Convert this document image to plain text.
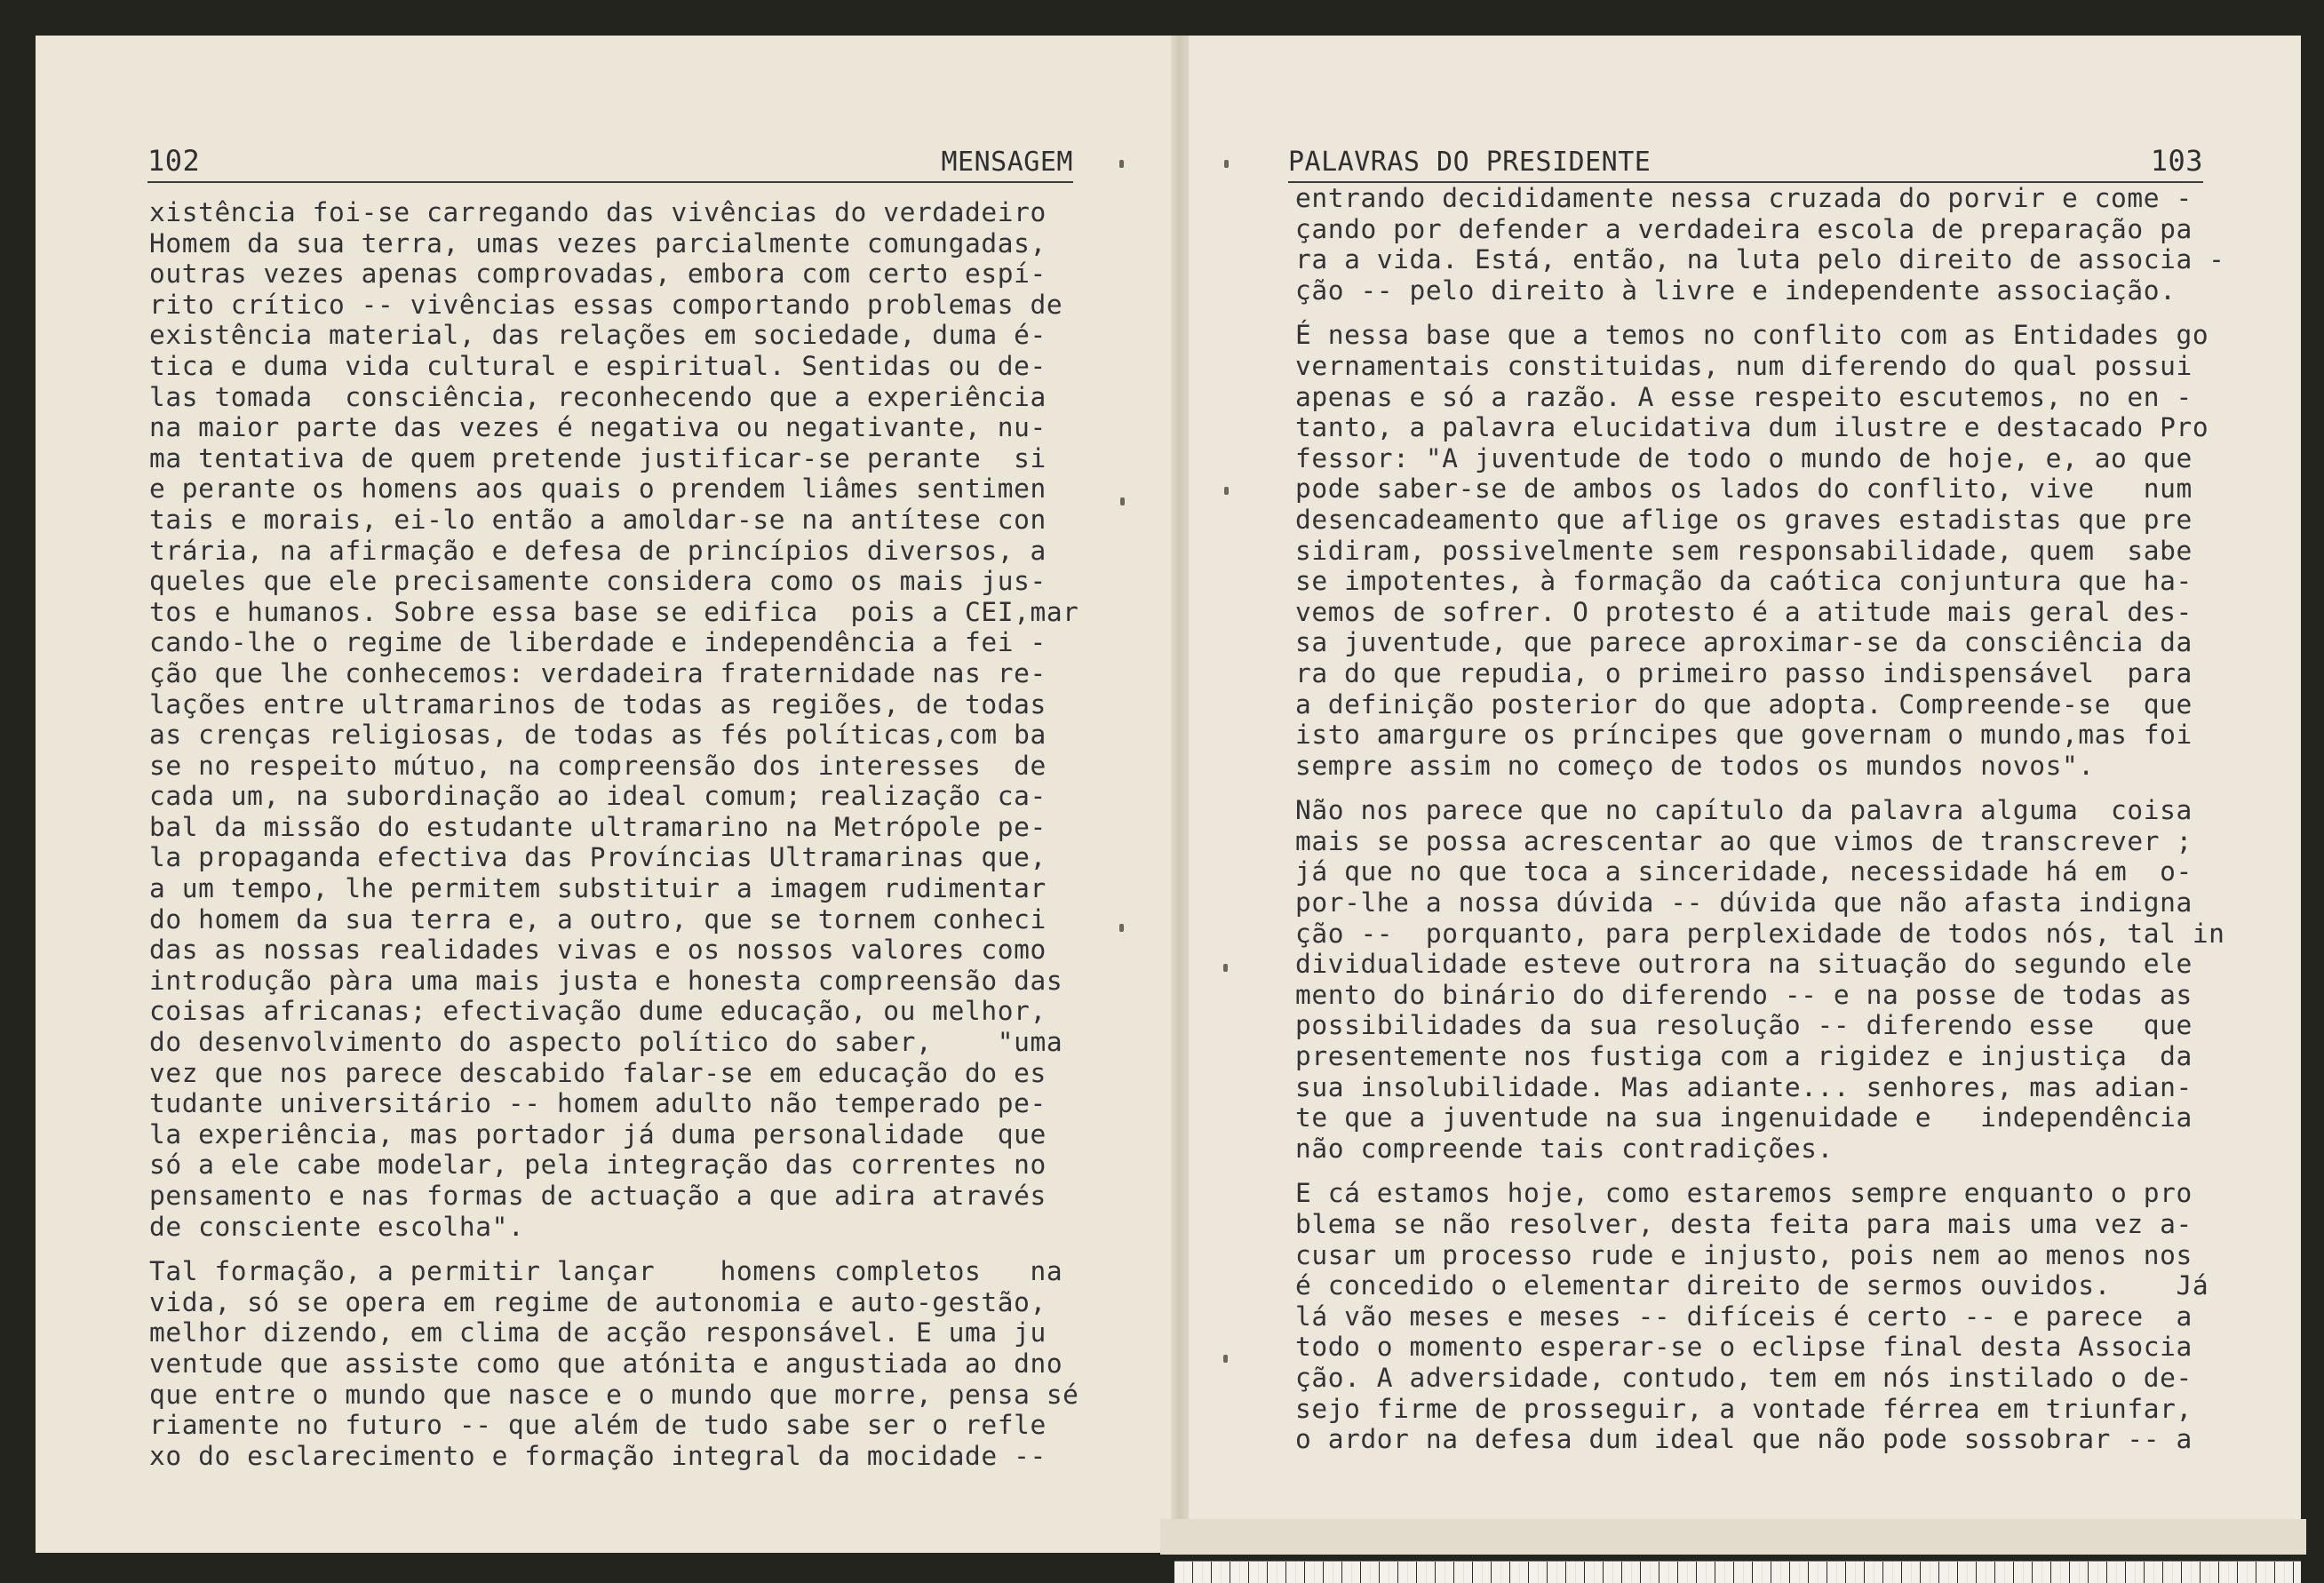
102	MENSAGEM

xistência foi-se carregando das vivências do verdadeiro
Homem da sua terra, umas vezes parcialmente comungadas,
outras vezes apenas comprovadas, embora com certo espí-
rito crítico -- vivências essas comportando problemas de
existência material, das relações em sociedade, duma é-
tica e duma vida cultural e espiritual. Sentidas ou de-
las tomada  consciência, reconhecendo que a experiência
na maior parte das vezes é negativa ou negativante, nu-
ma tentativa de quem pretende justificar-se perante  si
e perante os homens aos quais o prendem liâmes sentimen
tais e morais, ei-lo então a amoldar-se na antítese con
trária, na afirmação e defesa de princípios diversos, a
queles que ele precisamente considera como os mais jus-
tos e humanos. Sobre essa base se edifica  pois a CEI,mar
cando-lhe o regime de liberdade e independência a fei -
ção que lhe conhecemos: verdadeira fraternidade nas re-
lações entre ultramarinos de todas as regiões, de todas
as crenças religiosas, de todas as fés políticas,com ba
se no respeito mútuo, na compreensão dos interesses  de
cada um, na subordinação ao ideal comum; realização ca-
bal da missão do estudante ultramarino na Metrópole pe-
la propaganda efectiva das Províncias Ultramarinas que,
a um tempo, lhe permitem substituir a imagem rudimentar
do homem da sua terra e, a outro, que se tornem conheci
das as nossas realidades vivas e os nossos valores como
introdução pàra uma mais justa e honesta compreensão das
coisas africanas; efectivação dume educação, ou melhor,
do desenvolvimento do aspecto político do saber,    "uma
vez que nos parece descabido falar-se em educação do es
tudante universitário -- homem adulto não temperado pe-
la experiência, mas portador já duma personalidade  que
só a ele cabe modelar, pela integração das correntes no
pensamento e nas formas de actuação a que adira através
de consciente escolha".

Tal formação, a permitir lançar    homens completos   na
vida, só se opera em regime de autonomia e auto-gestão,
melhor dizendo, em clima de acção responsável. E uma ju
ventude que assiste como que atónita e angustiada ao dno
que entre o mundo que nasce e o mundo que morre, pensa sé
riamente no futuro -- que além de tudo sabe ser o refle
xo do esclarecimento e formação integral da mocidade --

PALAVRAS DO PRESIDENTE	103

entrando decididamente nessa cruzada do porvir e come -
çando por defender a verdadeira escola de preparação pa
ra a vida. Está, então, na luta pelo direito de associa -
ção -- pelo direito à livre e independente associação.

É nessa base que a temos no conflito com as Entidades go
vernamentais constituidas, num diferendo do qual possui
apenas e só a razão. A esse respeito escutemos, no en -
tanto, a palavra elucidativa dum ilustre e destacado Pro
fessor: "A juventude de todo o mundo de hoje, e, ao que
pode saber-se de ambos os lados do conflito, vive   num
desencadeamento que aflige os graves estadistas que pre
sidiram, possivelmente sem responsabilidade, quem  sabe
se impotentes, à formação da caótica conjuntura que ha-
vemos de sofrer. O protesto é a atitude mais geral des-
sa juventude, que parece aproximar-se da consciência da
ra do que repudia, o primeiro passo indispensável  para
a definição posterior do que adopta. Compreende-se  que
isto amargure os príncipes que governam o mundo,mas foi
sempre assim no começo de todos os mundos novos".

Não nos parece que no capítulo da palavra alguma  coisa
mais se possa acrescentar ao que vimos de transcrever ;
já que no que toca a sinceridade, necessidade há em  o-
por-lhe a nossa dúvida -- dúvida que não afasta indigna
ção --  porquanto, para perplexidade de todos nós, tal in
dividualidade esteve outrora na situação do segundo ele
mento do binário do diferendo -- e na posse de todas as
possibilidades da sua resolução -- diferendo esse   que
presentemente nos fustiga com a rigidez e injustiça  da
sua insolubilidade. Mas adiante... senhores, mas adian-
te que a juventude na sua ingenuidade e   independência
não compreende tais contradições.

E cá estamos hoje, como estaremos sempre enquanto o pro
blema se não resolver, desta feita para mais uma vez a-
cusar um processo rude e injusto, pois nem ao menos nos
é concedido o elementar direito de sermos ouvidos.    Já
lá vão meses e meses -- difíceis é certo -- e parece  a
todo o momento esperar-se o eclipse final desta Associa
ção. A adversidade, contudo, tem em nós instilado o de-
sejo firme de prosseguir, a vontade férrea em triunfar,
o ardor na defesa dum ideal que não pode sossobrar -- a
